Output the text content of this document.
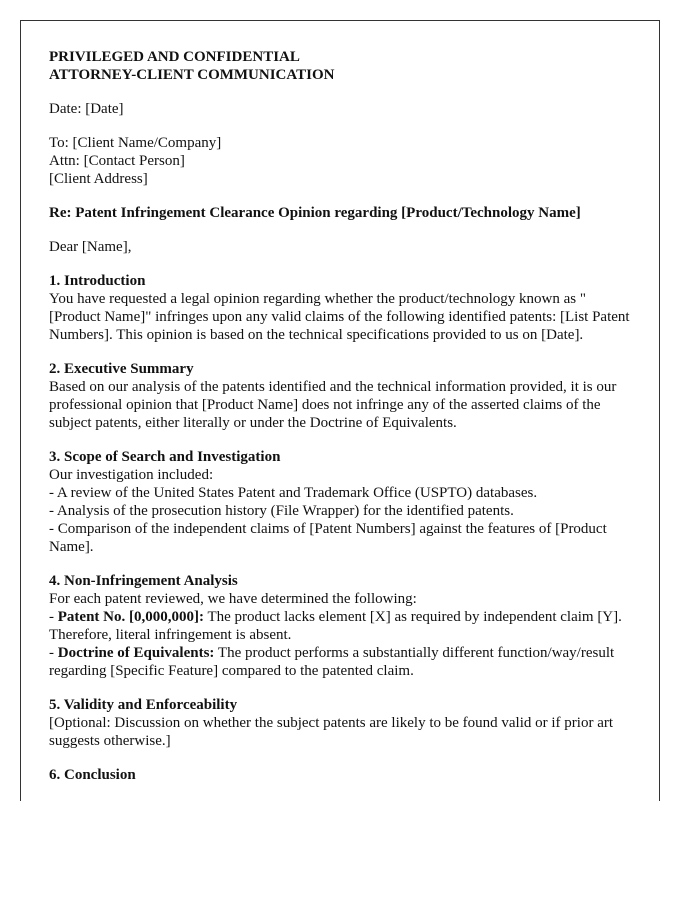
PRIVILEGED AND CONFIDENTIAL
ATTORNEY-CLIENT COMMUNICATION

Date: [Date]

To: [Client Name/Company]
Attn: [Contact Person]
[Client Address]

Re: Patent Infringement Clearance Opinion regarding [Product/Technology Name]

Dear [Name],

1. Introduction
You have requested a legal opinion regarding whether the product/technology known as "[Product Name]" infringes upon any valid claims of the following identified patents: [List Patent Numbers]. This opinion is based on the technical specifications provided to us on [Date].

2. Executive Summary
Based on our analysis of the patents identified and the technical information provided, it is our professional opinion that [Product Name] does not infringe any of the asserted claims of the subject patents, either literally or under the Doctrine of Equivalents.

3. Scope of Search and Investigation
Our investigation included:
- A review of the United States Patent and Trademark Office (USPTO) databases.
- Analysis of the prosecution history (File Wrapper) for the identified patents.
- Comparison of the independent claims of [Patent Numbers] against the features of [Product Name].

4. Non-Infringement Analysis
For each patent reviewed, we have determined the following:
- Patent No. [0,000,000]: The product lacks element [X] as required by independent claim [Y]. Therefore, literal infringement is absent.
- Doctrine of Equivalents: The product performs a substantially different function/way/result regarding [Specific Feature] compared to the patented claim.

5. Validity and Enforceability
[Optional: Discussion on whether the subject patents are likely to be found valid or if prior art suggests otherwise.]

6. Conclusion
